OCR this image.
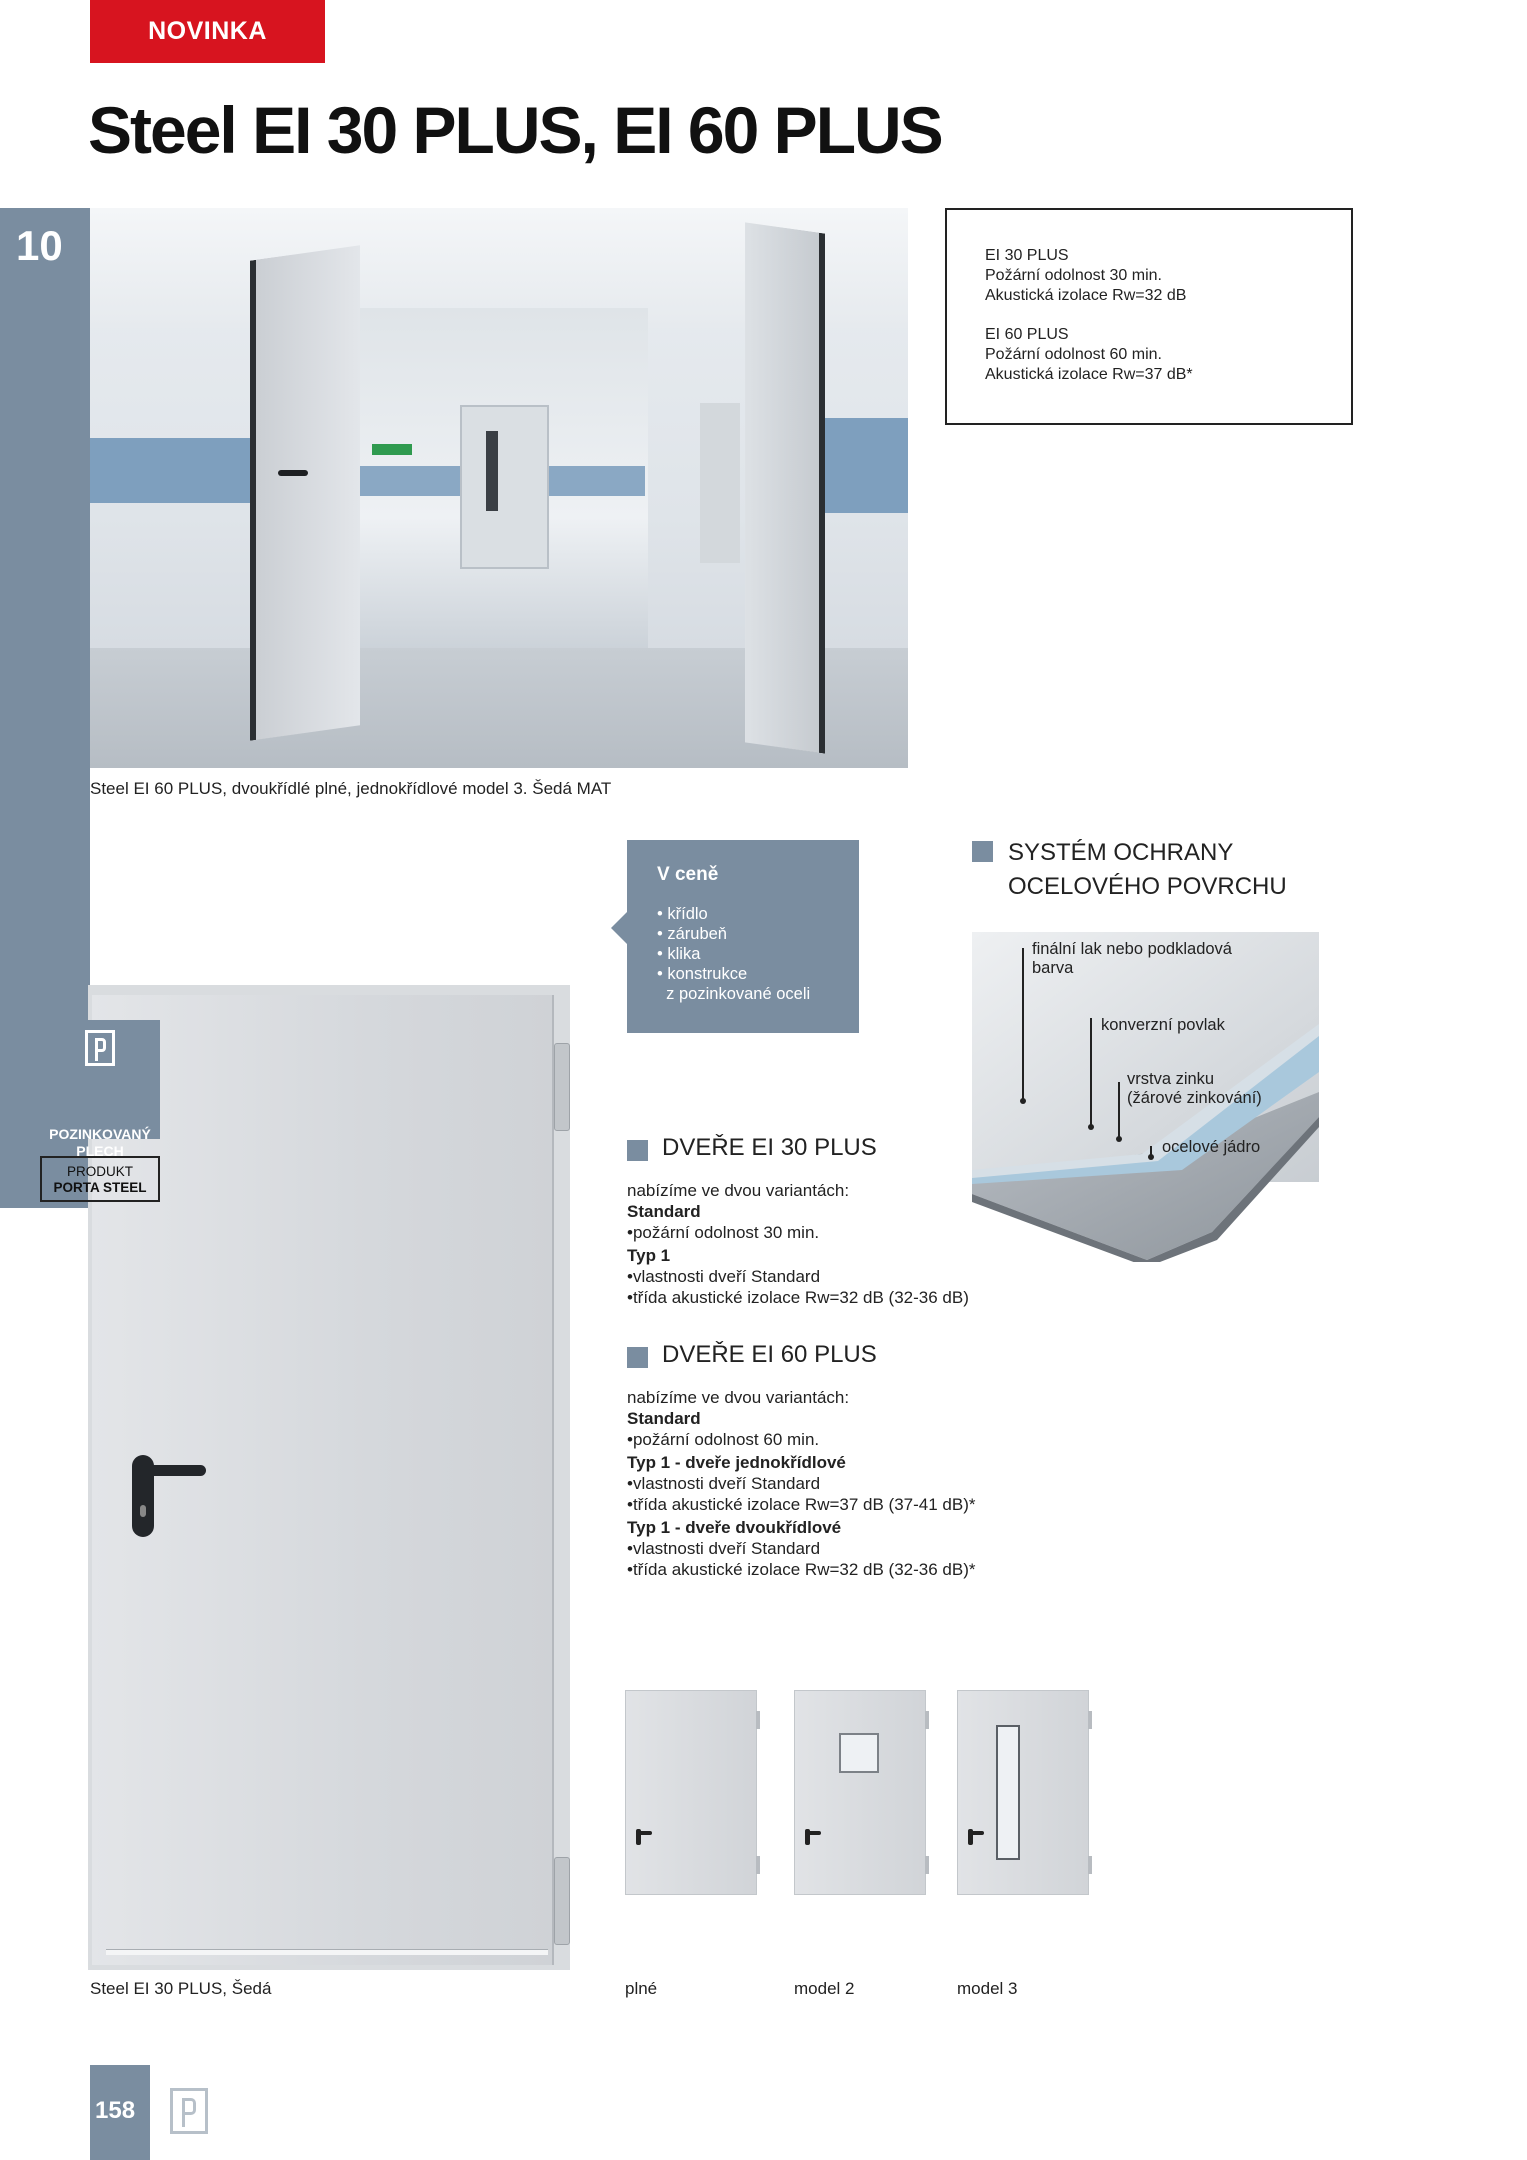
NOVINKA
Steel EI 30 PLUS, EI 60 PLUS
10
Steel EI 60 PLUS, dvoukřídlé plné, jednokřídlové model 3. Šedá MAT
EI 30 PLUS
Požární odolnost 30 min.
Akustická izolace Rw=32 dB
EI 60 PLUS
Požární odolnost 60 min.
Akustická izolace Rw=37 dB*
V ceně
• křídlo
• zárubeň
• klika
• konstrukce
z pozinkované oceli
SYSTÉM OCHRANY
OCELOVÉHO POVRCHU
finální lak nebo podkladová
barva
konverzní povlak
vrstva zinku
(žárové zinkování)
ocelové jádro
Steel EI 30 PLUS, Šedá
POZINKOVANÝ
PLECH
PRODUKT
PORTA STEEL
DVEŘE EI 30 PLUS
nabízíme ve dvou variantách:
Standard
•požární odolnost 30 min.
Typ 1
•vlastnosti dveří Standard
•třída akustické izolace Rw=32 dB (32-36 dB)
DVEŘE EI 60 PLUS
nabízíme ve dvou variantách:
Standard
•požární odolnost 60 min.
Typ 1 - dveře jednokřídlové
•vlastnosti dveří Standard
•třída akustické izolace Rw=37 dB (37-41 dB)*
Typ 1 - dveře dvoukřídlové
•vlastnosti dveří Standard
•třída akustické izolace Rw=32 dB (32-36 dB)*
plné	model 2	model 3
158
